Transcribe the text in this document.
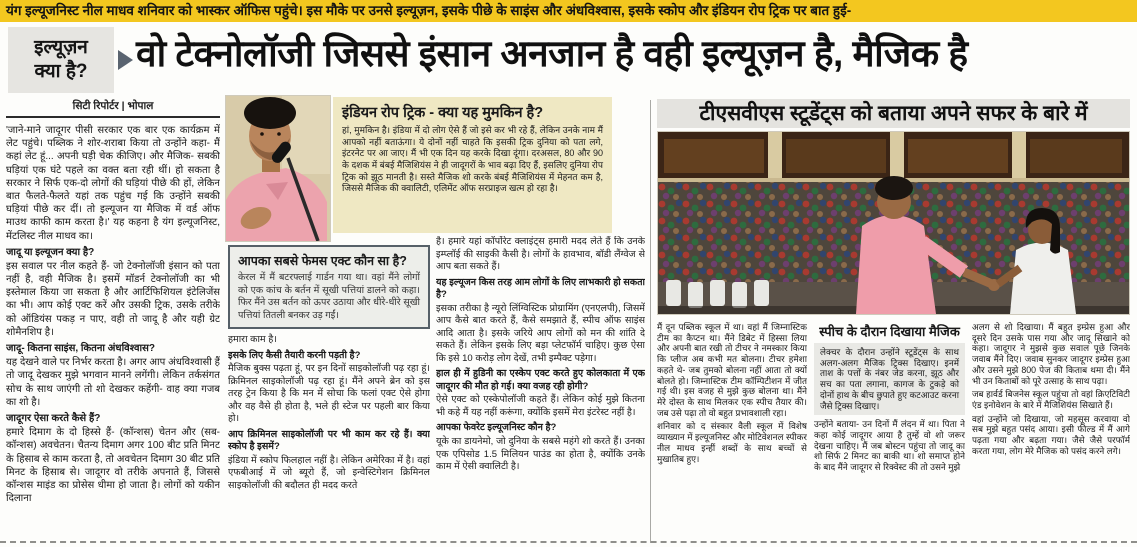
यंग इल्यूजनिस्ट नील माधव शनिवार को भास्कर ऑफिस पहुंचे। इस मौके पर उनसे इल्यूज़न, इसके पीछे के साइंस और अंधविश्वास, इसके स्कोप और इंडियन रोप ट्रिक पर बात हुई-
इल्यूज़न
क्या है? वो टेक्नोलॉजी जिससे इंसान अनजान है वही इल्यूज़न है, मैजिक है
सिटी रिपोर्टर | भोपाल

'जाने-माने जादूगर पीसी सरकार एक बार एक कार्यक्रम में लेट पहुंचे। पब्लिक ने शोर-शराबा किया तो उन्होंने कहा- मैं कहां लेट हूं... अपनी घड़ी चेक कीजिए। और मैजिक- सबकी घड़ियां एक घंटे पहले का वक्त बता रही थीं। हो सकता है सरकार ने सिर्फ एक-दो लोगों की घड़ियां पीछे की हों, लेकिन बात फैलते-फैलते यहां तक पहुंच गई कि उन्होंने सबकी घड़ियां पीछे कर दीं। तो इल्यूजन या मैजिक में वर्ड ऑफ माउथ काफी काम करता है।' यह कहना है यंग इल्यूजनिस्ट, मेंटलिस्ट नील माधव का।

जादू या इल्यूजन क्या है?

इस सवाल पर नील कहते हैं- जो टेक्नोलॉजी इंसान को पता नहीं है, वही मैजिक है। इसमें मॉडर्न टेक्नोलॉजी का भी इस्तेमाल किया जा सकता है और आर्टिफिशियल इंटेलिजेंस का भी। आप कोई एक्ट करें और उसकी ट्रिक, उसके तरीके को ऑडियंस पकड़ न पाए, वही तो जादू है और यही ग्रेट शोमैनशिप है।

जादू- कितना साइंस, कितना अंधविश्वास?

यह देखने वाले पर निर्भर करता है। अगर आप अंधविश्वासी हैं तो जादू देखकर मुझे भगवान मानने लगेंगी। लेकिन तर्कसंगत सोच के साथ जाएंगी तो शो देखकर कहेंगी- वाह क्या गजब का शो है।

जादूगर ऐसा करते कैसे हैं?

हमारे दिमाग के दो हिस्से हैं- (कॉन्शस) चेतन और (सब-कॉन्शस) अवचेतन। चैतन्य दिमाग अगर 100 बीट प्रति मिनट के हिसाब से काम करता है, तो अवचेतन दिमाग 30 बीट प्रति मिनट के हिसाब से। जादूगर वो तरीके अपनाते हैं, जिससे कॉन्शस माइंड का प्रोसेस धीमा हो जाता है। लोगों को यकीन दिलाना

इंडियन रोप ट्रिक - क्या यह मुमकिन है?

हां, मुमकिन है। इंडिया में दो लोग ऐसे हैं जो इसे कर भी रहे हैं, लेकिन उनके नाम मैं आपको नहीं बताऊंगा। ये दोनों नहीं चाहते कि इसकी ट्रिक दुनिया को पता लगे, इंटरनेट पर आ जाए। मैं भी एक दिन यह करके दिखा दूंगा। दरअसल, 80 और 90 के दशक में बंबई मैजिशियंस ने ही जादूगरों के भाव बढ़ा दिए हैं, इसलिए दुनिया रोप ट्रिक को झूठ मानती है। सस्ते मैजिक शो करके बंबई मैजिशियंस में मेहनत कम है, जिससे मैजिक की क्वालिटी, एलिमेंट ऑफ सरप्राइज खत्म हो रहा है।

आपका सबसे फेमस एक्ट कौन सा है?

केरल में मैं बटरफ्लाई गार्डन गया था। वहां मैंने लोगों को एक कांच के बर्तन में सूखी पत्तियां डालने को कहा। फिर मैंने उस बर्तन को ऊपर उठाया और धीरे-धीरे सूखी पत्तियां तितली बनकर उड़ गईं।

हमारा काम है।

इसके लिए कैसी तैयारी करनी पड़ती है?

मैजिक बुक्स पढ़ता हूं, पर इन दिनों साइकोलॉजी पढ़ रहा हूं। क्रिमिनल साइकोलॉजी पढ़ रहा हूं। मैंने अपने ब्रेन को इस तरह ट्रेन किया है कि मन में सोचा कि फलां एक्ट ऐसे होगा और वह वैसे ही होता है, भले ही स्टेज पर पहली बार किया हो।

आप क्रिमिनल साइकोलॉजी पर भी काम कर रहे हैं। क्या स्कोप है इसमें?

इंडिया में स्कोप फिलहाल नहीं है। लेकिन अमेरिका में है। वहां एफबीआई में जो ब्यूरो हैं, जो इन्वेस्टिगेशन क्रिमिनल साइकोलॉजी की बदौलत ही मदद करते

है। हमारे यहां कॉर्पोरेट क्लाइंट्स हमारी मदद लेते हैं कि उनके इम्प्लॉई की साइकी कैसी है। लोगों के हावभाव, बॉडी लैंग्वेज से आप बता सकते हैं।

यह इल्यूजन किस तरह आम लोगों के लिए लाभकारी हो सकता है?

इसका तरीका है न्यूरो लिंग्विस्टिक प्रोग्रामिंग (एनएलपी), जिसमें आप कैसे बात करते हैं, कैसे समझाते हैं, स्पीच ऑफ साइंस आदि आता है। इसके जरिये आप लोगों को मन की शांति दे सकते हैं। लेकिन इसके लिए बड़ा प्लेटफॉर्म चाहिए। कुछ ऐसा कि इसे 10 करोड़ लोग देखें, तभी इम्पैक्ट पड़ेगा।

हाल ही में हुडिनी का एस्केप एक्ट करते हुए कोलकाता में एक जादूगर की मौत हो गई। क्या वजह रही होगी?

ऐसे एक्ट को एस्केपोलॉजी कहते हैं। लेकिन कोई मुझे कितना भी कहे मैं यह नहीं करूंगा, क्योंकि इसमें मेरा इंटरेस्ट नहीं है।

आपका फेवरेट इल्यूजनिस्ट कौन है?

यूके का डायनेमो, जो दुनिया के सबसे महंगे शो करते हैं। उनका एक एपिसोड 1.5 मिलियन पाउंड का होता है, क्योंकि उनके काम में ऐसी क्वालिटी है।

टीएसवीएस स्टूडेंट्स को बताया अपने सफर के बारे में

मैं दून पब्लिक स्कूल में था। वहां मैं जिम्नास्टिक टीम का कैप्टन था। मैंने डिबेट में हिस्सा लिया और अपनी बात रखी तो टीचर ने नमस्कार किया कि प्लीज अब कभी मत बोलना। टीचर हमेशा कहते थे- जब तुमको बोलना नहीं आता तो क्यों बोलते हो। जिम्नास्टिक टीम कॉम्पिटीशन में जीत गई थी। इस वजह से मुझे कुछ बोलना था। मैंने मेरे दोस्त के साथ मिलकर एक स्पीच तैयार की। जब उसे पढ़ा तो वो बहुत प्रभावशाली रहा।

शनिवार को द संस्कार वैली स्कूल में विशेष व्याख्यान में इल्यूजनिस्ट और मोटिवेशनल स्पीकर नील माधव इन्हीं शब्दों के साथ बच्चों से मुखातिब हुए।

स्पीच के दौरान दिखाया मैजिक

लेक्चर के दौरान उन्होंने स्टूडेंट्स के साथ अलग-अलग मैजिक ट्रिक्स दिखाए। इनमें ताश के पत्तों के नंबर जेड करना, झूठ और सच का पता लगाना, कागज के टुकड़े को दोनों हाथ के बीच छुपाते हुए कटआउट करना जैसे ट्रिक्स दिखाए।

उन्होंने बताया- उन दिनों मैं लंदन में था। पिता ने कहा कोई जादूगर आया है तुम्हें वो शो जरूर देखना चाहिए। मैं जब बोस्टन पहुंचा तो जादू का शो सिर्फ 2 मिनट का बाकी था। शो समाप्त होने के बाद मैंने जादूगर से रिक्वेस्ट की तो उसने मुझे

अलग से शो दिखाया। मैं बहुत इम्प्रेस हुआ और दूसरे दिन उसके पास गया और जादू सिखाने को कहा। जादूगर ने मुझसे कुछ सवाल पूछे जिनके जवाब मैंने दिए। जवाब सुनकर जादूगर इम्प्रेस हुआ और उसने मुझे 800 पेज की किताब थमा दी। मैंने भी उन किताबों को पूरे उत्साह के साथ पढ़ा।

जब हार्वर्ड बिजनेस स्कूल पहुंचा तो वहां क्रिएटिविटी एंड इनोवेशन के बारे में मैजिशियंस सिखाते हैं।

वहां उन्होंने जो दिखाया, जो महसूस करवाया वो सब मुझे बहुत पसंद आया। इसी फील्ड में मैं आगे पढ़ता गया और बढ़ता गया। जैसे जैसे परफॉर्म करता गया, लोग मेरे मैजिक को पसंद करने लगे।
